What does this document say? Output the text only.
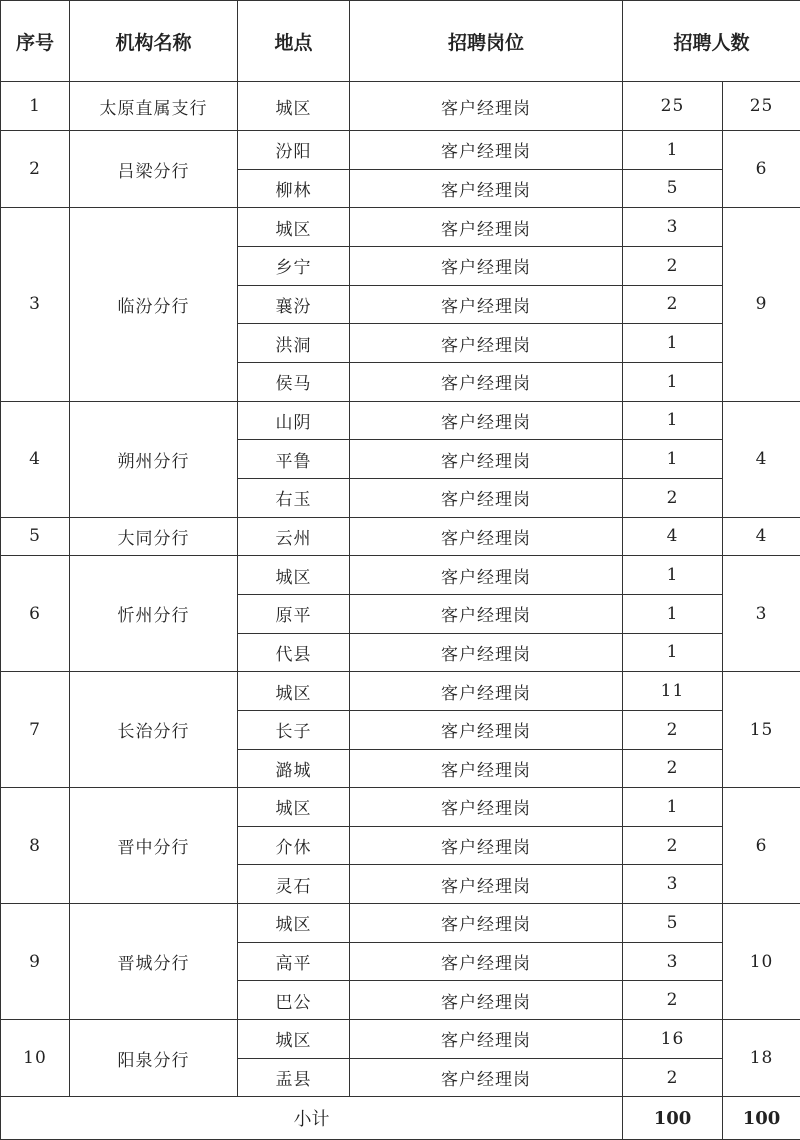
序号	机构名称	地点	招聘岗位	招聘人数	
1	太原直属支行	城区	客户经理岗	25	25
2	吕梁分行	汾阳	客户经理岗	1	6
		柳林	客户经理岗	5	
3	临汾分行	城区	客户经理岗	3	9
		乡宁	客户经理岗	2	
		襄汾	客户经理岗	2	
		洪洞	客户经理岗	1	
		侯马	客户经理岗	1	
4	朔州分行	山阴	客户经理岗	1	4
		平鲁	客户经理岗	1	
		右玉	客户经理岗	2	
5	大同分行	云州	客户经理岗	4	4
6	忻州分行	城区	客户经理岗	1	3
		原平	客户经理岗	1	
		代县	客户经理岗	1	
7	长治分行	城区	客户经理岗	11	15
		长子	客户经理岗	2	
		潞城	客户经理岗	2	
8	晋中分行	城区	客户经理岗	1	6
		介休	客户经理岗	2	
		灵石	客户经理岗	3	
9	晋城分行	城区	客户经理岗	5	10
		高平	客户经理岗	3	
		巴公	客户经理岗	2	
10	阳泉分行	城区	客户经理岗	16	18
		盂县	客户经理岗	2	
小计				100	100
